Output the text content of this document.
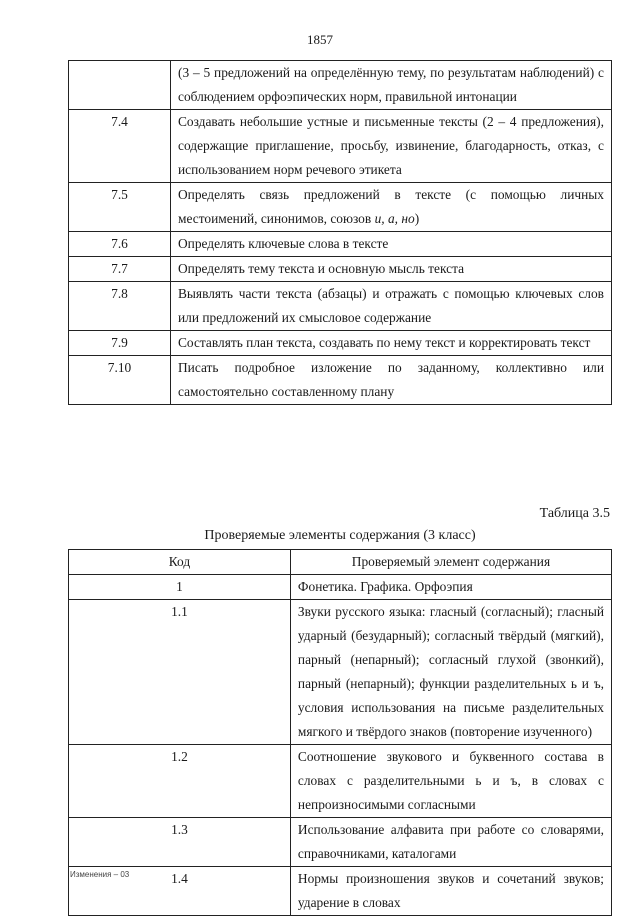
1857
	(3 – 5 предложений на определённую тему, по результатам наблюдений) с соблюдением орфоэпических норм, правильной интонации
7.4	Создавать небольшие устные и письменные тексты (2 – 4 предложения), содержащие приглашение, просьбу, извинение, благодарность, отказ, с использованием норм речевого этикета
7.5	Определять связь предложений в тексте (с помощью личных местоимений, синонимов, союзов и, а, но)
7.6	Определять ключевые слова в тексте
7.7	Определять тему текста и основную мысль текста
7.8	Выявлять части текста (абзацы) и отражать с помощью ключевых слов или предложений их смысловое содержание
7.9	Составлять план текста, создавать по нему текст и корректировать текст
7.10	Писать подробное изложение по заданному, коллективно или самостоятельно составленному плану
Таблица 3.5
Проверяемые элементы содержания (3 класс)
Код	Проверяемый элемент содержания
1	Фонетика. Графика. Орфоэпия
1.1	Звуки русского языка: гласный (согласный); гласный ударный (безударный); согласный твёрдый (мягкий), парный (непарный); согласный глухой (звонкий), парный (непарный); функции разделительных ь и ъ, условия использования на письме разделительных мягкого и твёрдого знаков (повторение изученного)
1.2	Соотношение звукового и буквенного состава в словах с разделительными ь и ъ, в словах с непроизносимыми согласными
1.3	Использование алфавита при работе со словарями, справочниками, каталогами
1.4	Нормы произношения звуков и сочетаний звуков; ударение в словах
Изменения – 03
